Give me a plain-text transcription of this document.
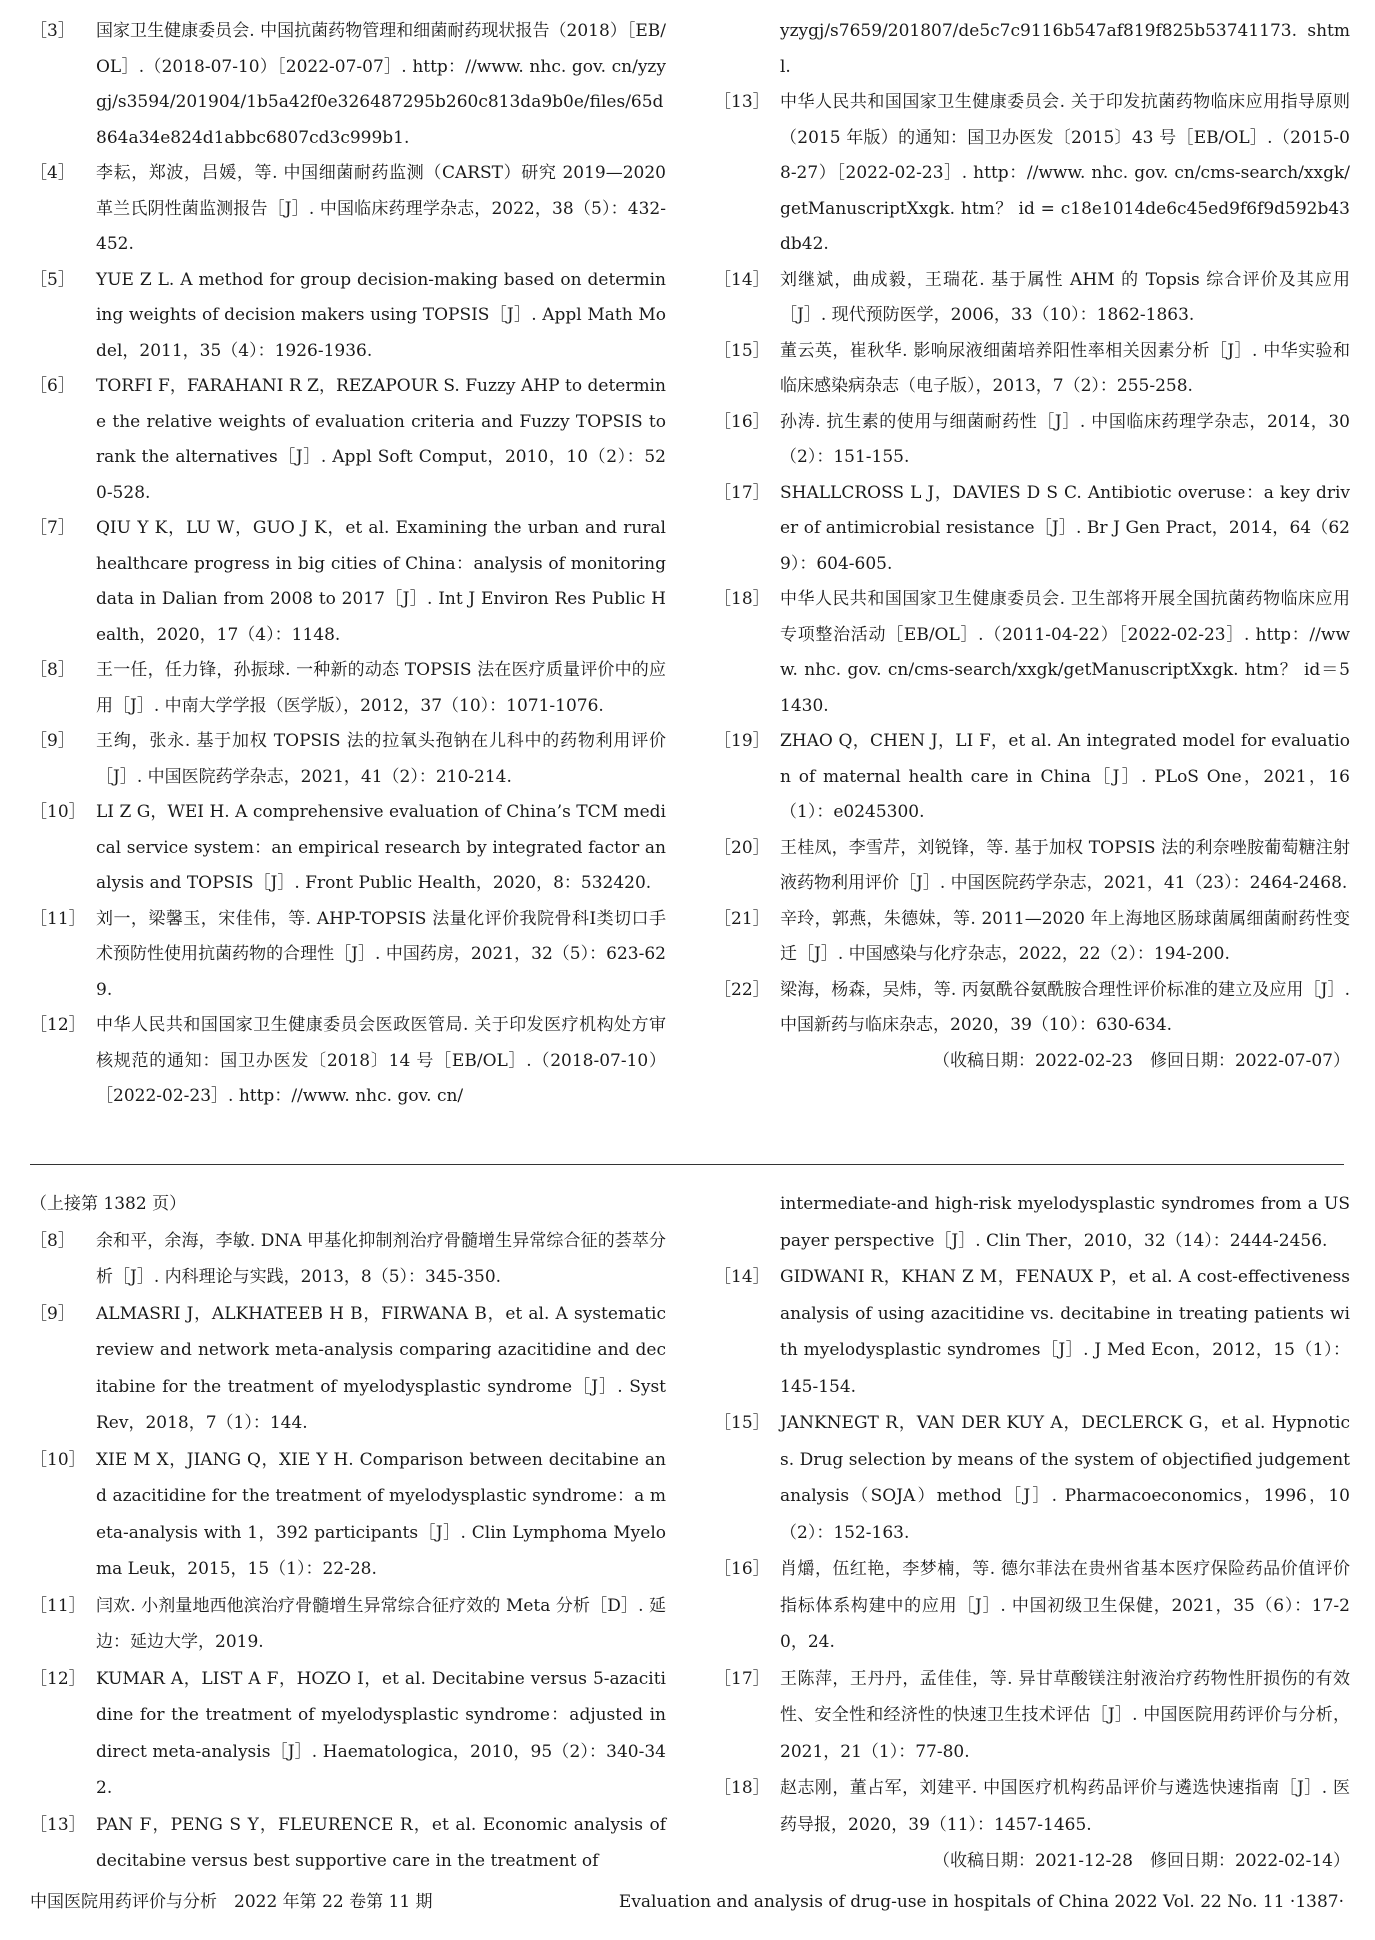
［3］	国家卫生健康委员会. 中国抗菌药物管理和细菌耐药现状报告（2018）［EB/OL］.（2018-07-10）［2022-07-07］. http：//www. nhc. gov. cn/yzygj/s3594/201904/1b5a42f0e326487295b260c813da9b0e/files/65d864a34e824d1abbc6807cd3c999b1.
［4］	李耘，郑波，吕媛，等. 中国细菌耐药监测（CARST）研究 2019—2020 革兰氏阴性菌监测报告［J］. 中国临床药理学杂志，2022，38（5）：432-452.
［5］	YUE Z L. A method for group decision-making based on determining weights of decision makers using TOPSIS［J］. Appl Math Model，2011，35（4）：1926-1936.
［6］	TORFI F，FARAHANI R Z，REZAPOUR S. Fuzzy AHP to determine the relative weights of evaluation criteria and Fuzzy TOPSIS to rank the alternatives［J］. Appl Soft Comput，2010，10（2）：520-528.
［7］	QIU Y K，LU W，GUO J K，et al. Examining the urban and rural healthcare progress in big cities of China：analysis of monitoring data in Dalian from 2008 to 2017［J］. Int J Environ Res Public Health，2020，17（4）：1148.
［8］	王一任，任力锋，孙振球. 一种新的动态 TOPSIS 法在医疗质量评价中的应用［J］. 中南大学学报（医学版），2012，37（10）：1071-1076.
［9］	王绚，张永. 基于加权 TOPSIS 法的拉氧头孢钠在儿科中的药物利用评价［J］. 中国医院药学杂志，2021，41（2）：210-214.
［10］ LI Z G，WEI H. A comprehensive evaluation of China’s TCM medical service system：an empirical research by integrated factor analysis and TOPSIS［J］. Front Public Health，2020，8：532420.
［11］ 刘一，梁馨玉，宋佳伟，等. AHP-TOPSIS 法量化评价我院骨科Ⅰ类切口手术预防性使用抗菌药物的合理性［J］. 中国药房，2021，32（5）：623-629.
［12］ 中华人民共和国国家卫生健康委员会医政医管局. 关于印发医疗机构处方审核规范的通知：国卫办医发〔2018〕14 号［EB/OL］.（2018-07-10）［2022-02-23］. http：//www. nhc. gov. cn/
yzygj/s7659/201807/de5c7c9116b547af819f825b53741173. shtml.
［13］ 中华人民共和国国家卫生健康委员会. 关于印发抗菌药物临床应用指导原则（2015 年版）的通知：国卫办医发〔2015〕43 号［EB/OL］.（2015-08-27）［2022-02-23］. http：//www. nhc. gov. cn/cms-search/xxgk/getManuscriptXxgk. htm？ id = c18e1014de6c45ed9f6f9d592b43db42.
［14］ 刘继斌，曲成毅，王瑞花. 基于属性 AHM 的 Topsis 综合评价及其应用［J］. 现代预防医学，2006，33（10）：1862-1863.
［15］ 董云英，崔秋华. 影响尿液细菌培养阳性率相关因素分析［J］. 中华实验和临床感染病杂志（电子版），2013，7（2）：255-258.
［16］ 孙涛. 抗生素的使用与细菌耐药性［J］. 中国临床药理学杂志，2014，30（2）：151-155.
［17］ SHALLCROSS L J，DAVIES D S C. Antibiotic overuse：a key driver of antimicrobial resistance［J］. Br J Gen Pract，2014，64（629）：604-605.
［18］ 中华人民共和国国家卫生健康委员会. 卫生部将开展全国抗菌药物临床应用专项整治活动［EB/OL］.（2011-04-22）［2022-02-23］. http：//www. nhc. gov. cn/cms-search/xxgk/getManuscriptXxgk. htm？ id＝51430.
［19］ ZHAO Q，CHEN J，LI F，et al. An integrated model for evaluation of maternal health care in China［J］. PLoS One，2021，16（1）：e0245300.
［20］ 王桂凤，李雪芹，刘锐锋，等. 基于加权 TOPSIS 法的利奈唑胺葡萄糖注射液药物利用评价［J］. 中国医院药学杂志，2021，41（23）：2464-2468.
［21］ 辛玲，郭燕，朱德妹，等. 2011—2020 年上海地区肠球菌属细菌耐药性变迁［J］. 中国感染与化疗杂志，2022，22（2）：194-200.
［22］ 梁海，杨森，吴炜，等. 丙氨酰谷氨酰胺合理性评价标准的建立及应用［J］. 中国新药与临床杂志，2020，39（10）：630-634.
（收稿日期：2022-02-23　修回日期：2022-07-07）
（上接第 1382 页）
［8］	余和平，余海，李敏. DNA 甲基化抑制剂治疗骨髓增生异常综合征的荟萃分析［J］. 内科理论与实践，2013，8（5）：345-350.
［9］	ALMASRI J，ALKHATEEB H B，FIRWANA B，et al. A systematic review and network meta-analysis comparing azacitidine and decitabine for the treatment of myelodysplastic syndrome［J］. Syst Rev，2018，7（1）：144.
［10］ XIE M X，JIANG Q，XIE Y H. Comparison between decitabine and azacitidine for the treatment of myelodysplastic syndrome：a meta-analysis with 1，392 participants［J］. Clin Lymphoma Myeloma Leuk，2015，15（1）：22-28.
［11］ 闫欢. 小剂量地西他滨治疗骨髓增生异常综合征疗效的 Meta 分析［D］. 延边：延边大学，2019.
［12］ KUMAR A，LIST A F，HOZO I，et al. Decitabine versus 5-azacitidine for the treatment of myelodysplastic syndrome：adjusted indirect meta-analysis［J］. Haematologica，2010，95（2）：340-342.
［13］ PAN F，PENG S Y，FLEURENCE R，et al. Economic analysis of decitabine versus best supportive care in the treatment of
intermediate-and high-risk myelodysplastic syndromes from a US payer perspective［J］. Clin Ther，2010，32（14）：2444-2456.
［14］ GIDWANI R，KHAN Z M，FENAUX P，et al. A cost-effectiveness analysis of using azacitidine vs. decitabine in treating patients with myelodysplastic syndromes［J］. J Med Econ，2012，15（1）：145-154.
［15］ JANKNEGT R，VAN DER KUY A，DECLERCK G，et al. Hypnotics. Drug selection by means of the system of objectified judgement analysis（SOJA）method［J］. Pharmacoeconomics，1996，10（2）：152-163.
［16］ 肖爝，伍红艳，李梦楠，等. 德尔菲法在贵州省基本医疗保险药品价值评价指标体系构建中的应用［J］. 中国初级卫生保健，2021，35（6）：17-20，24.
［17］ 王陈萍，王丹丹，孟佳佳，等. 异甘草酸镁注射液治疗药物性肝损伤的有效性、安全性和经济性的快速卫生技术评估［J］. 中国医院用药评价与分析，2021，21（1）：77-80.
［18］ 赵志刚，董占军，刘建平. 中国医疗机构药品评价与遴选快速指南［J］. 医药导报，2020，39（11）：1457-1465.
（收稿日期：2021-12-28　修回日期：2022-02-14）
中国医院用药评价与分析　2022 年第 22 卷第 11 期	Evaluation and analysis of drug-use in hospitals of China 2022 Vol. 22 No. 11 ·1387·
